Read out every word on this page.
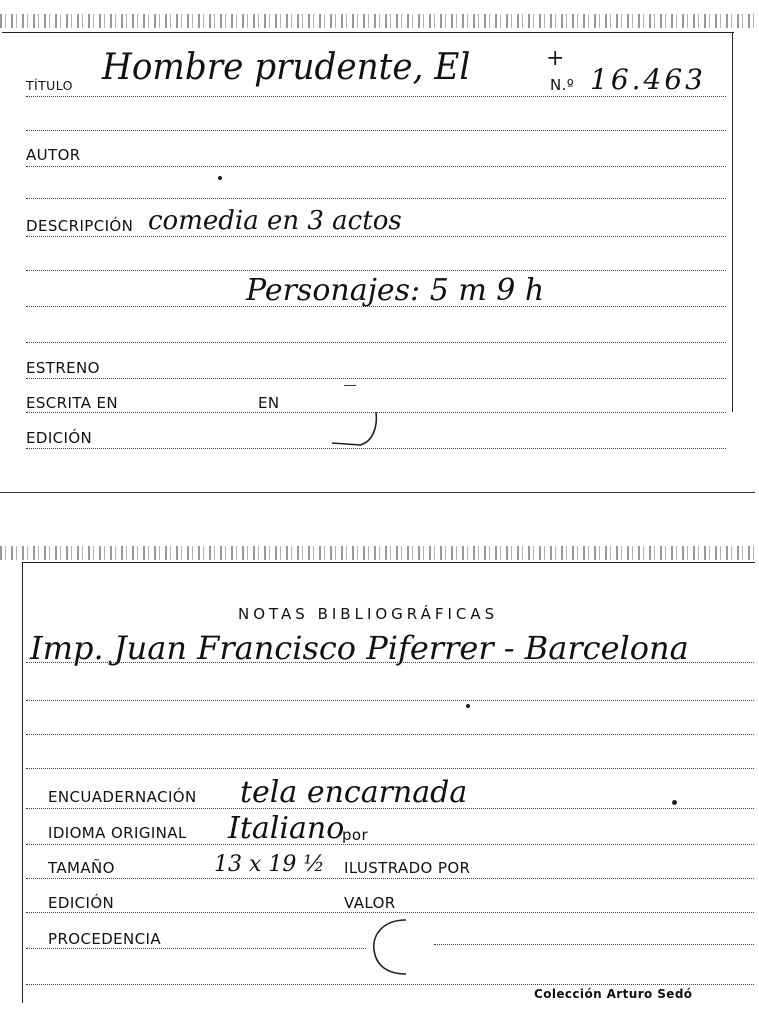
TÍTULO Hombre prudente, El	+
N.º 16.463
AUTOR
DESCRIPCIÓN comedia en 3 actos
Personajes: 5 m 9 h
ESTRENO
ESCRITA EN	EN
EDICIÓN
NOTAS BIBLIOGRÁFICAS
Imp. Juan Francisco Piferrer - Barcelona
ENCUADERNACIÓN tela encarnada
IDIOMA ORIGINAL Italiano
por
TAMAÑO	13 x 19 ½ ILUSTRADO POR
EDICIÓN	VALOR
PROCEDENCIA
Colección Arturo Sedó
